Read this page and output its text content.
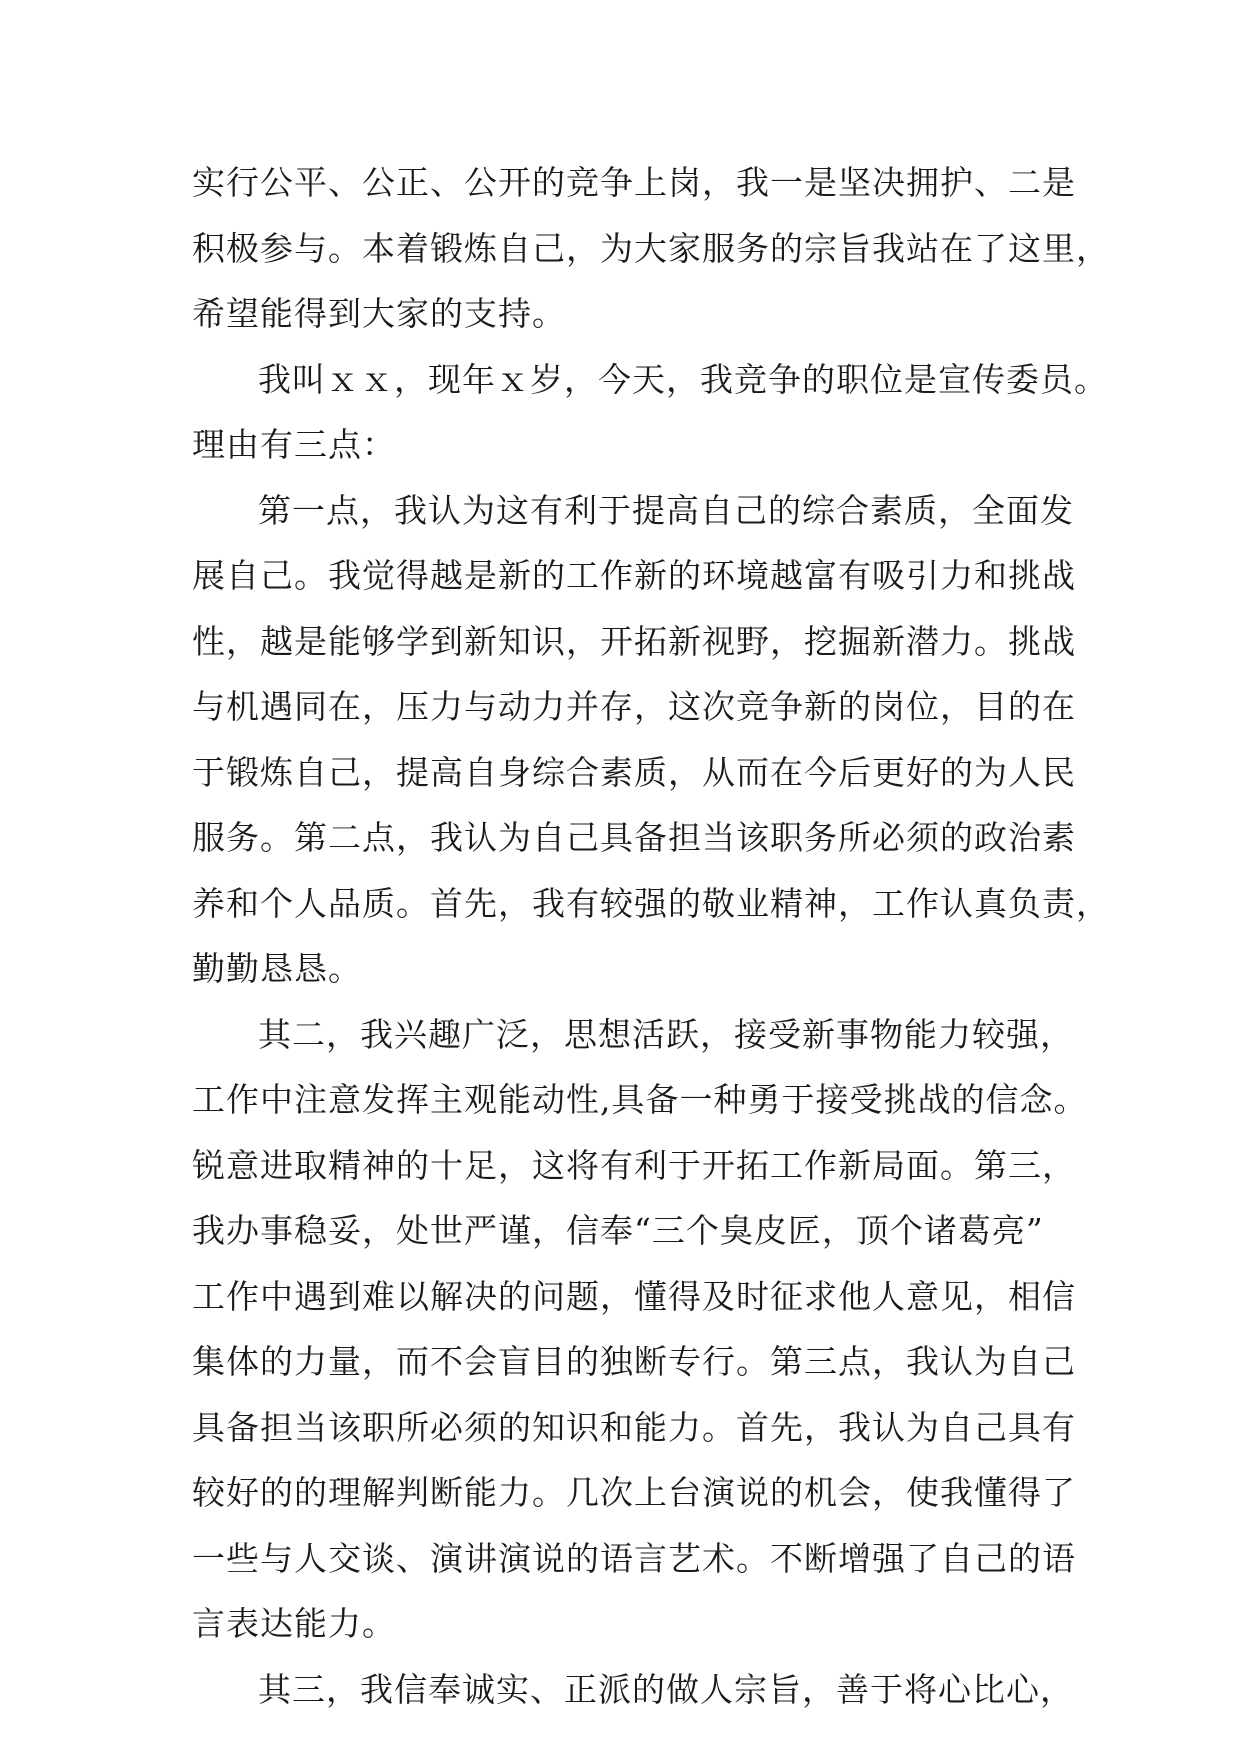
实行公平、公正、公开的竞争上岗，我一是坚决拥护、二是
积极参与。本着锻炼自己，为大家服务的宗旨我站在了这里，
希望能得到大家的支持。
我叫ｘｘ，现年ｘ岁，今天，我竞争的职位是宣传委员。
理由有三点：
第一点，我认为这有利于提高自己的综合素质，全面发
展自己。我觉得越是新的工作新的环境越富有吸引力和挑战
性，越是能够学到新知识，开拓新视野，挖掘新潜力。挑战
与机遇同在，压力与动力并存，这次竞争新的岗位，目的在
于锻炼自己，提高自身综合素质，从而在今后更好的为人民
服务。第二点，我认为自己具备担当该职务所必须的政治素
养和个人品质。首先，我有较强的敬业精神，工作认真负责，
勤勤恳恳。
其二，我兴趣广泛，思想活跃，接受新事物能力较强，
工作中注意发挥主观能动性,具备一种勇于接受挑战的信念。
锐意进取精神的十足，这将有利于开拓工作新局面。第三，
我办事稳妥，处世严谨，信奉“三个臭皮匠，顶个诸葛亮”
工作中遇到难以解决的问题，懂得及时征求他人意见，相信
集体的力量，而不会盲目的独断专行。第三点，我认为自己
具备担当该职所必须的知识和能力。首先，我认为自己具有
较好的的理解判断能力。几次上台演说的机会，使我懂得了
一些与人交谈、演讲演说的语言艺术。不断增强了自己的语
言表达能力。
其三，我信奉诚实、正派的做人宗旨，善于将心比心，
